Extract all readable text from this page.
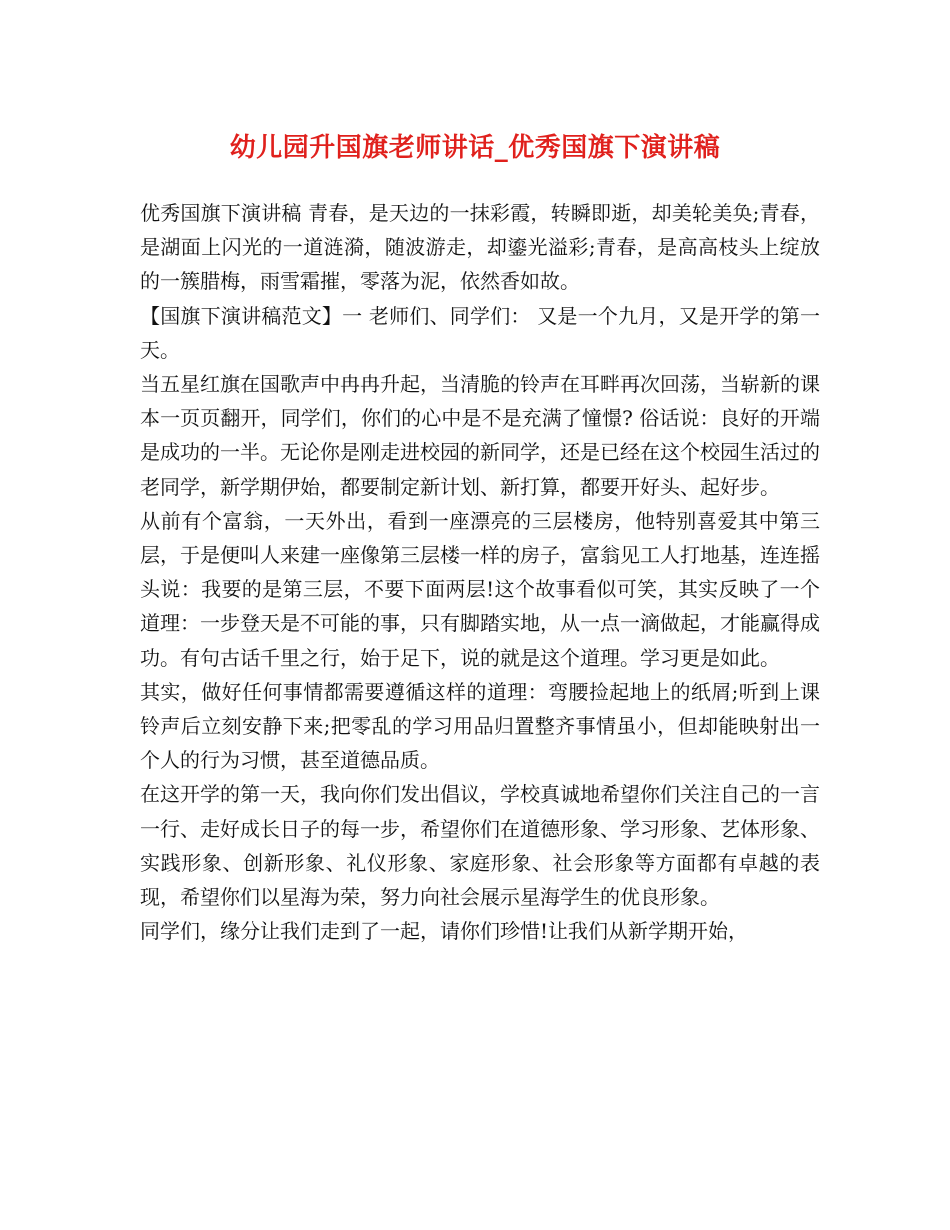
幼儿园升国旗老师讲话_优秀国旗下演讲稿

优秀国旗下演讲稿 青春，是天边的一抹彩霞，转瞬即逝，却美轮美奂;青春，是湖面上闪光的一道涟漪，随波游走，却鎏光溢彩;青春，是高高枝头上绽放的一簇腊梅，雨雪霜摧，零落为泥，依然香如故。

【国旗下演讲稿范文】一 老师们、同学们： 又是一个九月，又是开学的第一天。

当五星红旗在国歌声中冉冉升起，当清脆的铃声在耳畔再次回荡，当崭新的课本一页页翻开，同学们，你们的心中是不是充满了憧憬? 俗话说：良好的开端是成功的一半。无论你是刚走进校园的新同学，还是已经在这个校园生活过的老同学，新学期伊始，都要制定新计划、新打算，都要开好头、起好步。

从前有个富翁，一天外出，看到一座漂亮的三层楼房，他特别喜爱其中第三层，于是便叫人来建一座像第三层楼一样的房子，富翁见工人打地基，连连摇头说：我要的是第三层，不要下面两层!这个故事看似可笑，其实反映了一个道理：一步登天是不可能的事，只有脚踏实地，从一点一滴做起，才能赢得成功。有句古话千里之行，始于足下，说的就是这个道理。学习更是如此。

其实，做好任何事情都需要遵循这样的道理：弯腰捡起地上的纸屑;听到上课铃声后立刻安静下来;把零乱的学习用品归置整齐事情虽小，但却能映射出一个人的行为习惯，甚至道德品质。

在这开学的第一天，我向你们发出倡议，学校真诚地希望你们关注自己的一言一行、走好成长日子的每一步，希望你们在道德形象、学习形象、艺体形象、实践形象、创新形象、礼仪形象、家庭形象、社会形象等方面都有卓越的表现，希望你们以星海为荣，努力向社会展示星海学生的优良形象。

同学们，缘分让我们走到了一起，请你们珍惜!让我们从新学期开始，
